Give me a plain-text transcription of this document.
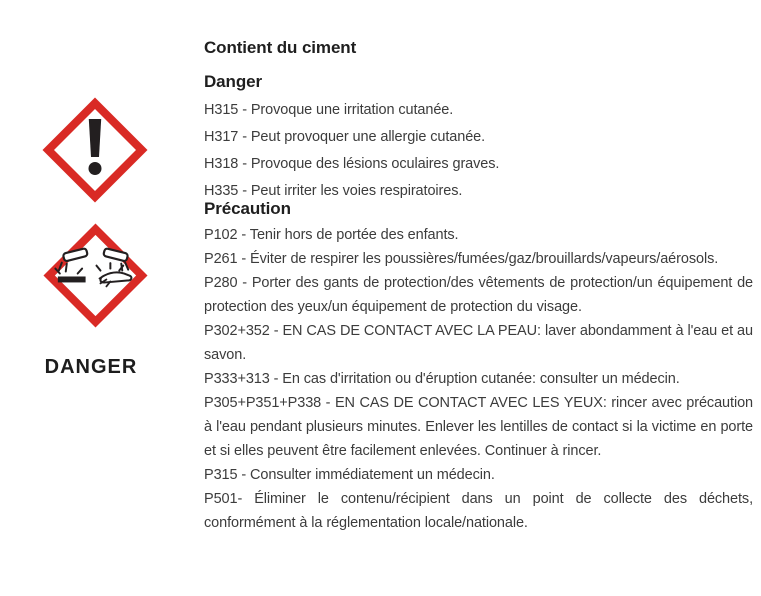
DANGER
Contient du ciment
Danger

H315 - Provoque une irritation cutanée.

H317 - Peut provoquer une allergie cutanée.

H318 - Provoque des lésions oculaires graves.

H335 - Peut irriter les voies respiratoires.

Précaution

P102 - Tenir hors de portée des enfants.

P261 - Éviter de respirer les poussières/fumées/gaz/brouillards/vapeurs/aérosols.

P280 - Porter des gants de protection/des vêtements de protection/un équipement de protection des yeux/un équipement de protection du visage.

P302+352 - EN CAS DE CONTACT AVEC LA PEAU: laver abondamment à l'eau et au savon.

P333+313 - En cas d'irritation ou d'éruption cutanée: consulter un médecin.

P305+P351+P338 - EN CAS DE CONTACT AVEC LES YEUX: rincer avec précaution à l'eau pendant plusieurs minutes. Enlever les lentilles de contact si la victime en porte et si elles peuvent être facilement enlevées. Continuer à rincer.

P315 - Consulter immédiatement un médecin.

P501- Éliminer le contenu/récipient dans un point de collecte des déchets, conformément à la réglementation locale/nationale.
